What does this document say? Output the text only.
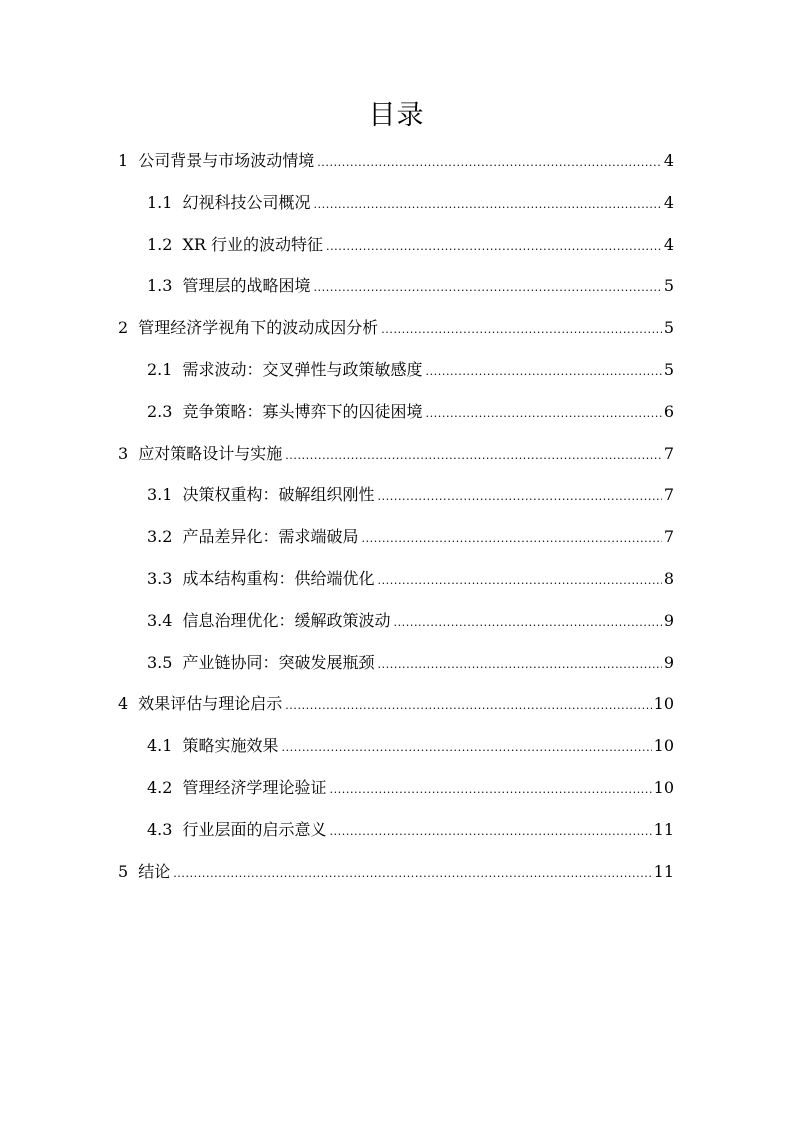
目录
1 公司背景与市场波动情境 .....	4
1.1 幻视科技公司概况 .....	4
1.2 XR 行业的波动特征 .....	4
1.3 管理层的战略困境 .....	5
2 管理经济学视角下的波动成因分析 .....	5
2.1 需求波动：交叉弹性与政策敏感度 .....	5
2.3 竞争策略：寡头博弈下的囚徒困境 .....	6
3 应对策略设计与实施 .....	7
3.1 决策权重构：破解组织刚性 .....	7
3.2 产品差异化：需求端破局 .....	7
3.3 成本结构重构：供给端优化 .....	8
3.4 信息治理优化：缓解政策波动 .....	9
3.5 产业链协同：突破发展瓶颈 .....	9
4 效果评估与理论启示 .....	10
4.1 策略实施效果 .....	10
4.2 管理经济学理论验证 .....	10
4.3 行业层面的启示意义 .....	11
5 结论 .....	11
